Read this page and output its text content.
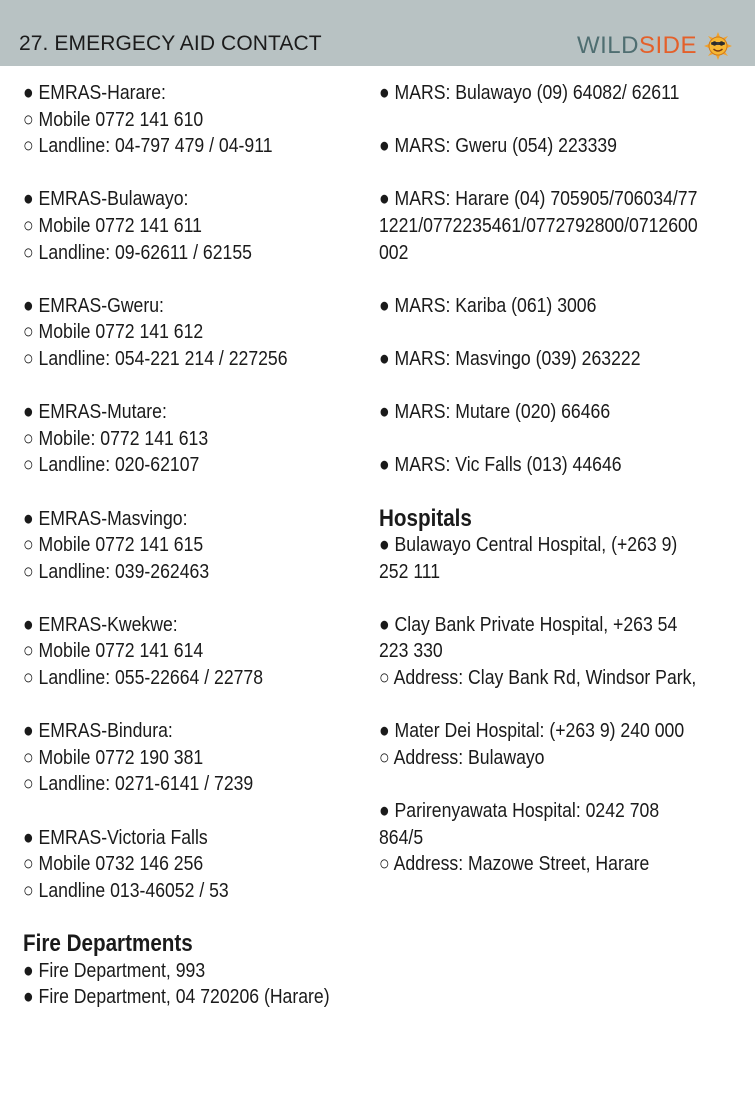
27. EMERGECY AID CONTACT	WILD SIDE
● EMRAS-Harare:
○ Mobile 0772 141 610
○ Landline: 04-797 479 / 04-911
● EMRAS-Bulawayo:
○ Mobile 0772 141 611
○ Landline: 09-62611 / 62155
● EMRAS-Gweru:
○ Mobile 0772 141 612
○ Landline: 054-221 214 / 227256
● EMRAS-Mutare:
○ Mobile: 0772 141 613
○ Landline: 020-62107
● EMRAS-Masvingo:
○ Mobile 0772 141 615
○ Landline: 039-262463
● EMRAS-Kwekwe:
○ Mobile 0772 141 614
○ Landline: 055-22664 / 22778
● EMRAS-Bindura:
○ Mobile 0772 190 381
○ Landline: 0271-6141 / 7239
● EMRAS-Victoria Falls
○ Mobile 0732 146 256
○ Landline 013-46052 / 53
Fire Departments
● Fire Department, 993
● Fire Department, 04 720206 (Harare)
● MARS: Bulawayo (09) 64082/ 62611
● MARS: Gweru (054) 223339
● MARS: Harare (04) 705905/706034/771221/0772235461/0772792800/0712600002
● MARS: Kariba (061) 3006
● MARS: Masvingo (039) 263222
● MARS: Mutare (020) 66466
● MARS: Vic Falls (013) 44646
Hospitals
● Bulawayo Central Hospital, (+263 9)
252 111
● Clay Bank Private Hospital, +263 54
223 330
○ Address: Clay Bank Rd, Windsor Park,
● Mater Dei Hospital: (+263 9) 240 000
○ Address: Bulawayo
● Parirenyawata Hospital: 0242 708
864/5
○ Address: Mazowe Street, Harare
